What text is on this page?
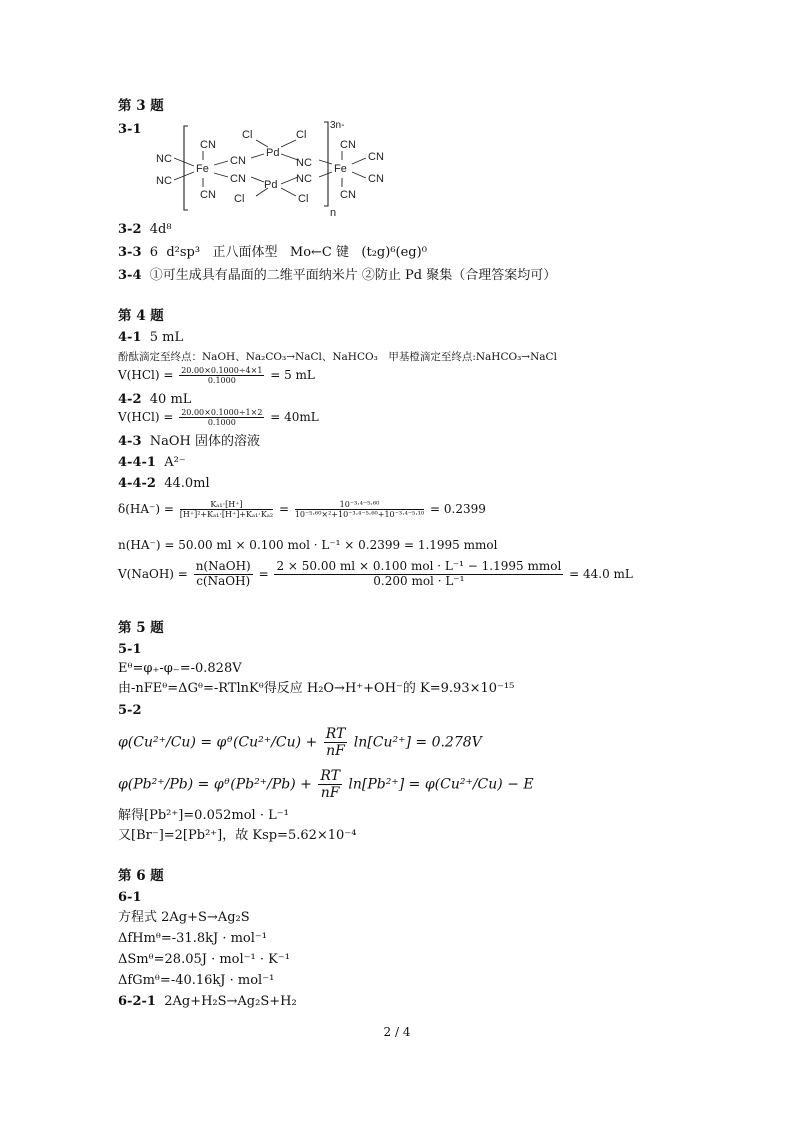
第 3 题
3-1
NC
NC
Fe
CN
CN
CN
CN
Cl	Cl
Pd
Pd
NC
NC
Cl	Cl
Fe
CN
CN
CN
CN
3n-
n
3-2 4d⁸
3-3 6 d²sp³ 正八面体型 Mo←C 键 (t₂g)⁶(eg)⁰
3-4 ①可生成具有晶面的二维平面纳米片 ②防止 Pd 聚集（合理答案均可）
第 4 题
4-1 5 mL
酚酞滴定至终点：NaOH、Na₂CO₃→NaCl、NaHCO₃　甲基橙滴定至终点:NaHCO₃→NaCl
$V(HCl) = \frac{20.00\times 0.1000\div 4\times 1}{0.1000} = 5$ mL
4-2 40 mL
$V(HCl) = \frac{20.00\times 0.1000\div 1\times 2}{0.1000} = 40mL$
4-3 NaOH 固体的溶液
4-4-1 A²⁻
4-4-2 44.0ml
$\delta(HA^-) = \frac{\text{Kₐ₁·[H⁺]}}{\text{[H⁺]²+Kₐ₁·[H⁺]+Kₐ₁·Kₐ₂}} = \frac{\text{10⁻³·⁴⁻⁵·⁶⁰}}{\text{10⁻⁵·⁶⁰×²+10⁻³·⁴⁻⁵·⁶⁰+10⁻³·⁴⁻⁵·¹⁰}} = 0.2399$
n(HA⁻) = 50.00 ml × 0.100 mol · L⁻¹ × 0.2399 = 1.1995 mmol
V(NaOH) = $\frac{\text{n(NaOH)}}{\text{c(NaOH)}} = \frac{\text{2 × 50.00 ml × 0.100 mol · L⁻¹ − 1.1995 mmol}}{\text{0.200 mol · L⁻¹}} = 44.0$ mL
第 5 题
5-1
Eᶿ=φ₊-φ₋=-0.828V
由-nFEᶿ=ΔGᶿ=-RTlnKᶿ得反应 H₂O→H⁺+OH⁻的 K=9.93×10⁻¹⁵
5-2
φ(Cu²⁺/Cu) = φᶿ(Cu²⁺/Cu) + $\frac{RT}{nF} \ln[Cu^{2+}] = 0.278V$
φ(Pb²⁺/Pb) = φᶿ(Pb²⁺/Pb) + $\frac{RT}{nF} \ln[Pb^{2+}] = \varphi(Cu^{2+}/Cu) - E$
解得[Pb²⁺]=0.052mol · L⁻¹
又[Br⁻]=2[Pb²⁺]，故 Ksp=5.62×10⁻⁴
第 6 题
6-1
方程式 2Ag+S→Ag₂S
ΔfHmᶿ=-31.8kJ · mol⁻¹
ΔSmᶿ=28.05J · mol⁻¹ · K⁻¹
ΔfGmᶿ=-40.16kJ · mol⁻¹
6-2-1 2Ag+H₂S→Ag₂S+H₂
2 / 4
